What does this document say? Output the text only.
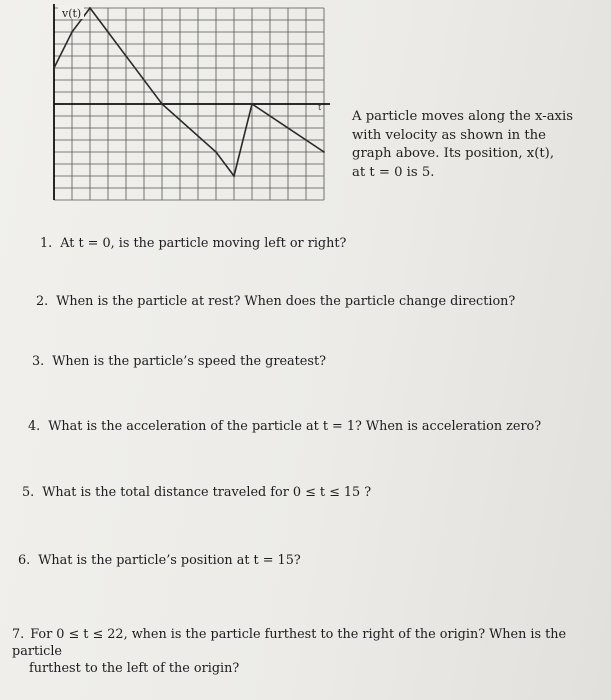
v(t)
t
A particle moves along the x-axis
with velocity as shown in the
graph above. Its position, x(t),
at t = 0 is 5.
1. At t = 0, is the particle moving left or right?
2. When is the particle at rest? When does the particle change direction?
3. When is the particle’s speed the greatest?
4. What is the acceleration of the particle at t = 1? When is acceleration zero?
5. What is the total distance traveled for 0 ≤ t ≤ 15 ?
6. What is the particle’s position at t = 15?
7. For 0 ≤ t ≤ 22, when is the particle furthest to the right of the origin? When is the particle
furthest to the left of the origin?
